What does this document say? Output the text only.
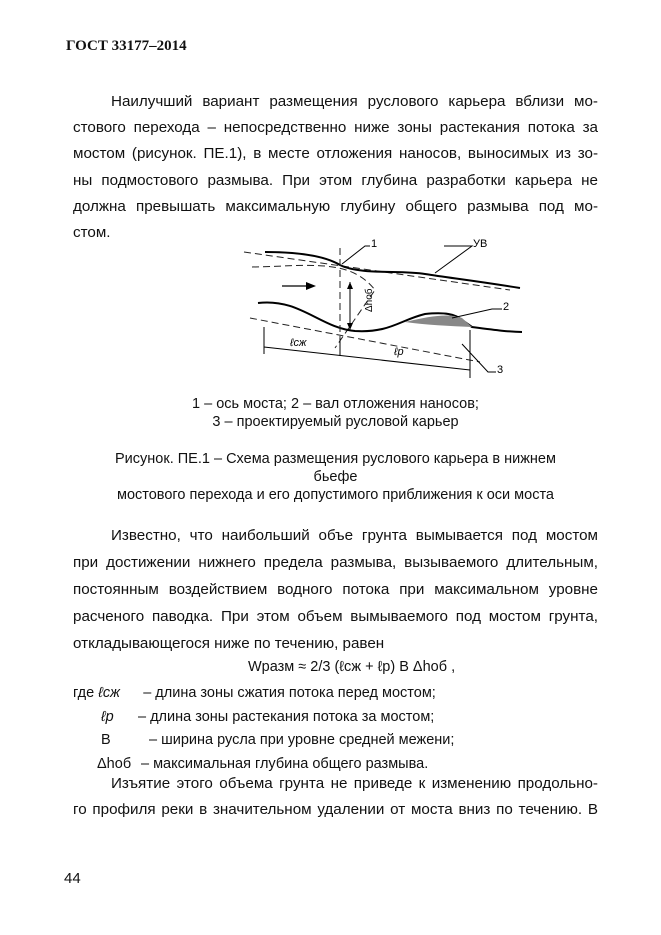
ГОСТ 33177–2014
Наилучший вариант размещения руслового карьера вблизи мо-
стового перехода – непосредственно ниже зоны растекания потока за
мостом (рисунок. ПЕ.1), в месте отложения наносов, выносимых из зо-
ны подмостового размыва. При этом глубина разработки карьера не
должна превышать максимальную глубину общего размыва под мо-
стом.
1	УВ
2
3
ℓсж
ℓр
Δhоб
1 – ось моста; 2 – вал отложения наносов;
3 – проектируемый русловой карьер
Рисунок. ПЕ.1 – Схема размещения руслового карьера в нижнем
бьефе
мостового перехода и его допустимого приближения к оси моста
Известно, что наибольший объе грунта вымывается под мостом
при достижении нижнего предела размыва, вызываемого длительным,
постоянным воздействием водного потока при максимальном уровне
расченого паводка. При этом объем вымываемого под мостом грунта,
откладывающегося ниже по течению, равен
Wразм ≈ 2/3 (ℓсж + ℓр) B Δhоб ,
где ℓсж – длина зоны сжатия потока перед мостом;
ℓр – длина зоны растекания потока за мостом;
B	– ширина русла при уровне средней межени;
Δhоб – максимальная глубина общего размыва.
Изъятие этого объема грунта не приведе к изменению продольно-
го профиля реки в значительном удалении от моста вниз по течению. В
44
